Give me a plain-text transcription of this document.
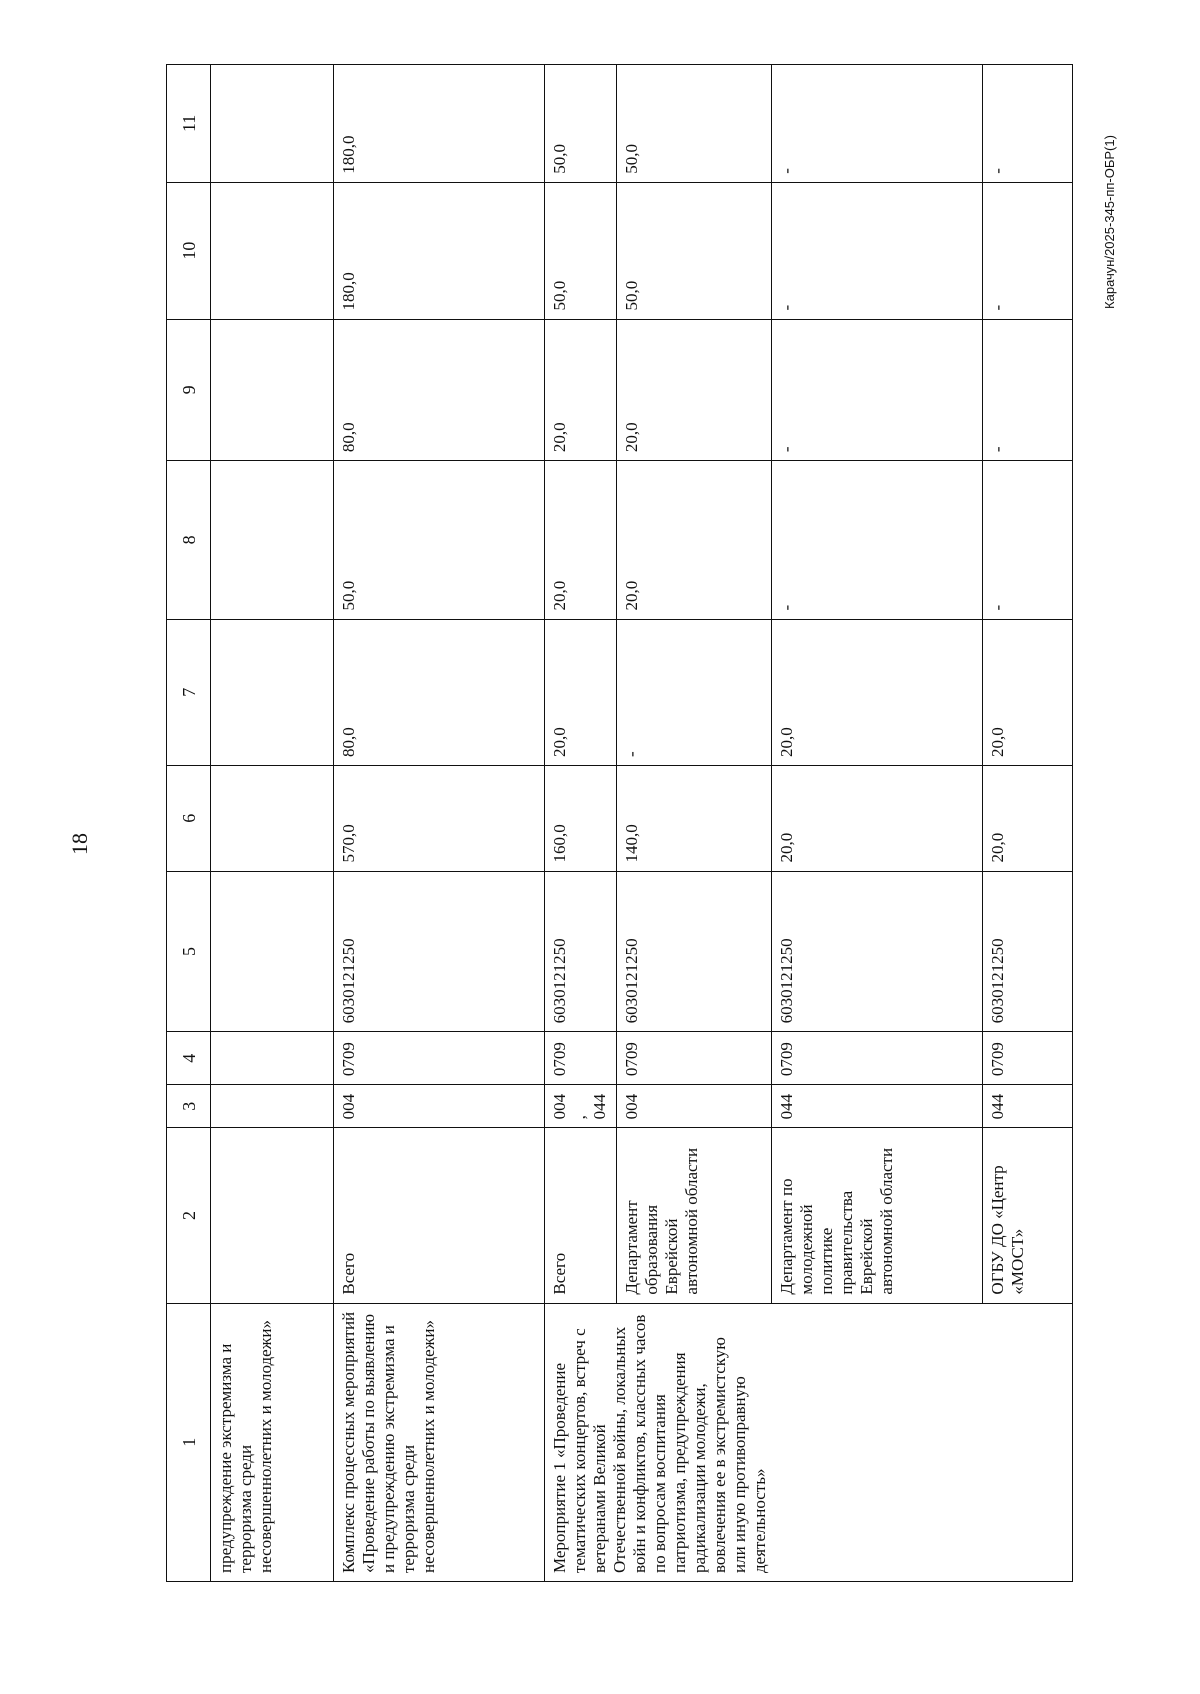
18
Карачун/2025-345-пп-ОБР(1)
1	2	3	4	5	6	7	8	9	10	11
предупреждение экстремизма и терроризма среди несовершеннолетних и молодежи»										
Комплекс процессных мероприятий «Проведение работы по выявлению и предупреждению экстремизма и терроризма среди несовершеннолетних и молодежи»	Всего	004	0709	6030121250	570,0	80,0	50,0	80,0	180,0	180,0
Мероприятие 1 «Проведение тематических концертов, встреч с ветеранами Великой Отечественной войны, локальных войн и конфликтов, классных часов по вопросам воспитания патриотизма, предупреждения радикализации молодежи, вовлечения ее в экстремистскую или иную противоправную деятельность»	Всего	004, 044	0709	6030121250	160,0	20,0	20,0	20,0	50,0	50,0
	Департамент образования Еврейской автономной области	004	0709	6030121250	140,0	-	20,0	20,0	50,0	50,0
	Департамент по молодежной политике правительства Еврейской автономной области	044	0709	6030121250	20,0	20,0	-	-	-	-
	ОГБУ ДО «Центр «МОСТ»	044	0709	6030121250	20,0	20,0	-	-	-	-
